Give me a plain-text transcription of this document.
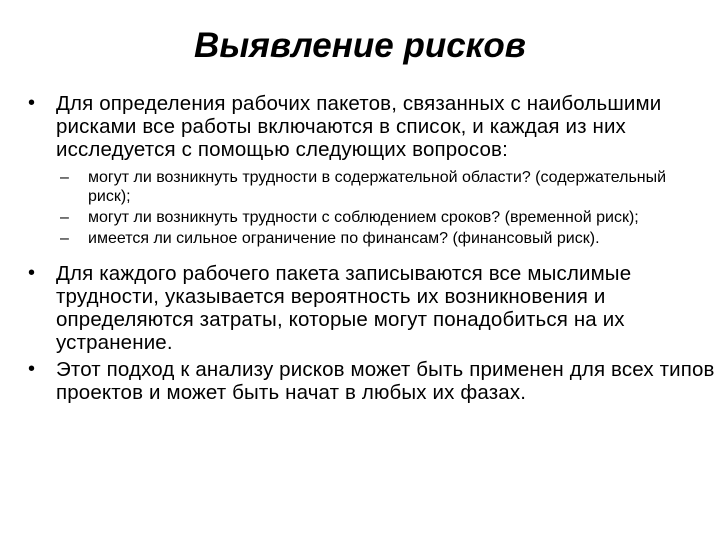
Выявление рисков
• Для определения рабочих пакетов, связанных с наибольшими рисками все работы включаются в список, и каждая из них исследуется с помощью следующих вопросов:
– могут ли возникнуть трудности в содержательной области? (содержательный риск);
– могут ли возникнуть трудности с соблюдением сроков? (временной риск);
– имеется ли сильное ограничение по финансам? (финансовый риск).
• Для каждого рабочего пакета записываются все мыслимые трудности, указывается вероятность их возникновения и определяются затраты, которые могут понадобиться на их устранение.
• Этот подход к анализу рисков может быть применен для всех типов проектов и может быть начат в любых их фазах.
